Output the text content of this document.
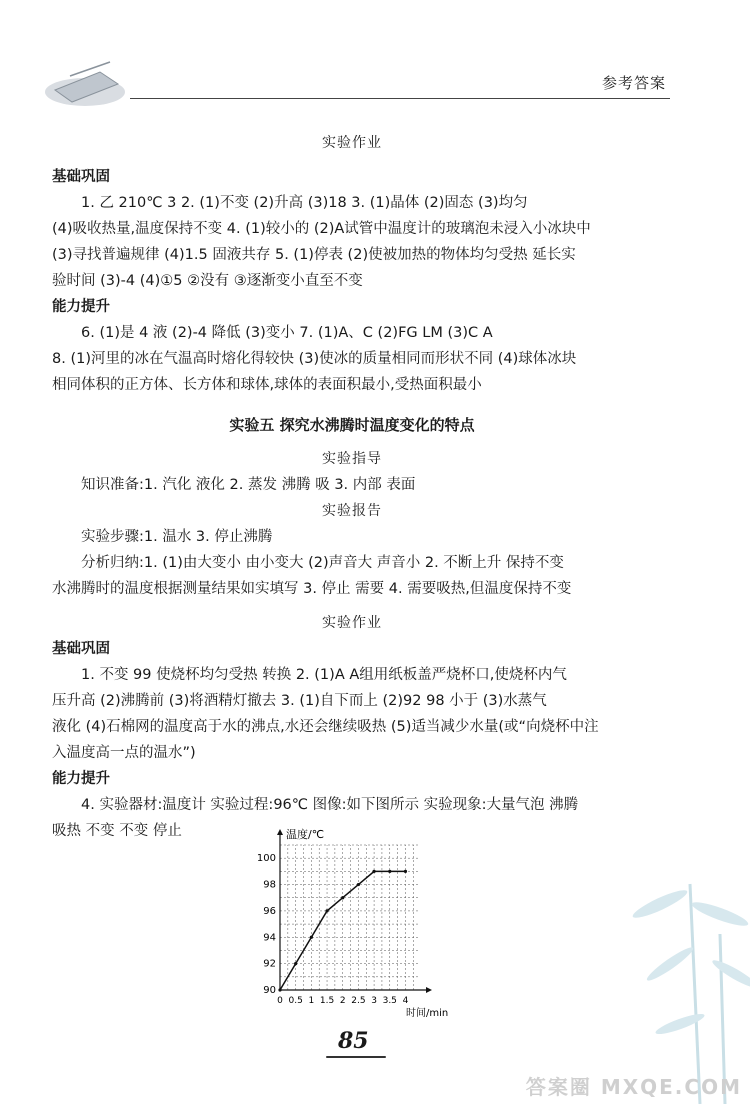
参考答案

实验作业

基础巩固

1. 乙 210℃ 3 2. (1)不变 (2)升高 (3)18 3. (1)晶体 (2)固态 (3)均匀

(4)吸收热量,温度保持不变 4. (1)较小的 (2)A试管中温度计的玻璃泡未浸入小冰块中

(3)寻找普遍规律 (4)1.5 固液共存 5. (1)停表 (2)使被加热的物体均匀受热 延长实

验时间 (3)-4 (4)①5 ②没有 ③逐渐变小直至不变

能力提升

6. (1)是 4 液 (2)-4 降低 (3)变小 7. (1)A、C (2)FG LM (3)C A

8. (1)河里的冰在气温高时熔化得较快 (3)使冰的质量相同而形状不同 (4)球体冰块

相同体积的正方体、长方体和球体,球体的表面积最小,受热面积最小

实验五 探究水沸腾时温度变化的特点

实验指导

知识准备:1. 汽化 液化 2. 蒸发 沸腾 吸 3. 内部 表面

实验报告

实验步骤:1. 温水 3. 停止沸腾

分析归纳:1. (1)由大变小 由小变大 (2)声音大 声音小 2. 不断上升 保持不变

水沸腾时的温度根据测量结果如实填写 3. 停止 需要 4. 需要吸热,但温度保持不变

实验作业

基础巩固

1. 不变 99 使烧杯均匀受热 转换 2. (1)A A组用纸板盖严烧杯口,使烧杯内气

压升高 (2)沸腾前 (3)将酒精灯撤去 3. (1)自下而上 (2)92 98 小于 (3)水蒸气

液化 (4)石棉网的温度高于水的沸点,水还会继续吸热 (5)适当减少水量(或“向烧杯中注

入温度高一点的温水”)

能力提升

4. 实验器材:温度计 实验过程:96℃ 图像:如下图所示 实验现象:大量气泡 沸腾

吸热 不变 不变 停止

0 0.5 1 1.5 2 2.5 3 3.5 4
90
92
94
96
98
100
温度/℃
时间/min
85
答案圈 MXQE.COM
